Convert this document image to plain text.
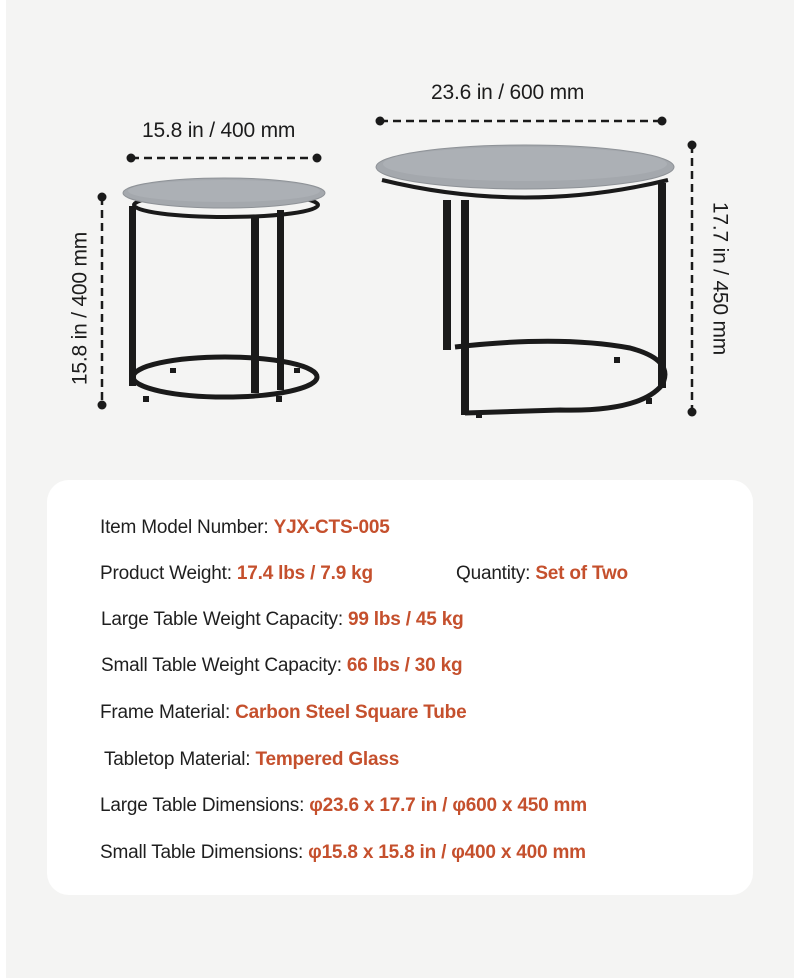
23.6 in / 600 mm
15.8 in / 400 mm
15.8 in / 400 mm	17.7 in / 450 mm
Item Model Number: YJX-CTS-005
Product Weight: 17.4 lbs / 7.9 kg	Quantity: Set of Two
Large Table Weight Capacity: 99 lbs / 45 kg
Small Table Weight Capacity: 66 lbs / 30 kg
Frame Material: Carbon Steel Square Tube
Tabletop Material: Tempered Glass
Large Table Dimensions: φ23.6 x 17.7 in / φ600 x 450 mm
Small Table Dimensions: φ15.8 x 15.8 in / φ400 x 400 mm
